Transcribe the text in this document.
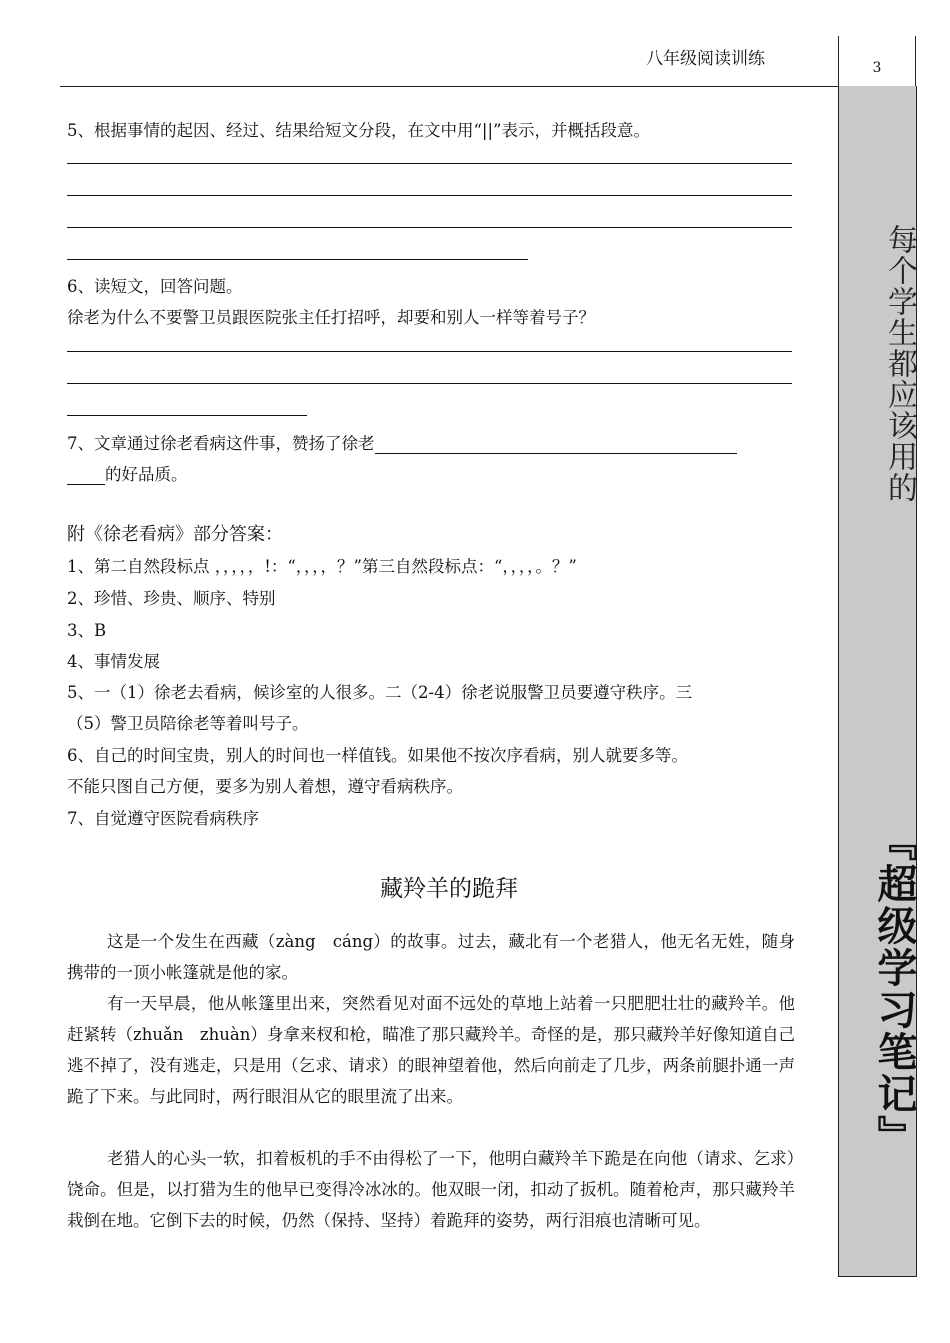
八年级阅读训练	3
每个学生都应该用的
『超级学习笔记』
5、根据事情的起因、经过、结果给短文分段，在文中用“||”表示，并概括段意。
6、读短文，回答问题。
徐老为什么不要警卫员跟医院张主任打招呼，却要和别人一样等着号子？
7、文章通过徐老看病这件事，赞扬了徐老
的好品质。
附《徐老看病》部分答案：
1、第二自然段标点 ，，，，，!：“，，，，？”第三自然段标点：“，，，，。？”
2、珍惜、珍贵、顺序、特别
3、B
4、事情发展
5、一（1）徐老去看病，候诊室的人很多。二（2-4）徐老说服警卫员要遵守秩序。三
（5）警卫员陪徐老等着叫号子。
6、自己的时间宝贵，别人的时间也一样值钱。如果他不按次序看病，别人就要多等。
不能只图自己方便，要多为别人着想，遵守看病秩序。
7、自觉遵守医院看病秩序
藏羚羊的跪拜
这是一个发生在西藏（zàng　cáng）的故事。过去，藏北有一个老猎人，他无名无姓，随身携带的一顶小帐篷就是他的家。
有一天早晨，他从帐篷里出来，突然看见对面不远处的草地上站着一只肥肥壮壮的藏羚羊。他赶紧转（zhuǎn　zhuàn）身拿来杈和枪，瞄准了那只藏羚羊。奇怪的是，那只藏羚羊好像知道自己逃不掉了，没有逃走，只是用（乞求、请求）的眼神望着他，然后向前走了几步，两条前腿扑通一声跪了下来。与此同时，两行眼泪从它的眼里流了出来。
老猎人的心头一软，扣着板机的手不由得松了一下，他明白藏羚羊下跪是在向他（请求、乞求）饶命。但是，以打猎为生的他早已变得冷冰冰的。他双眼一闭，扣动了扳机。随着枪声，那只藏羚羊栽倒在地。它倒下去的时候，仍然（保持、坚持）着跪拜的姿势，两行泪痕也清晰可见。
